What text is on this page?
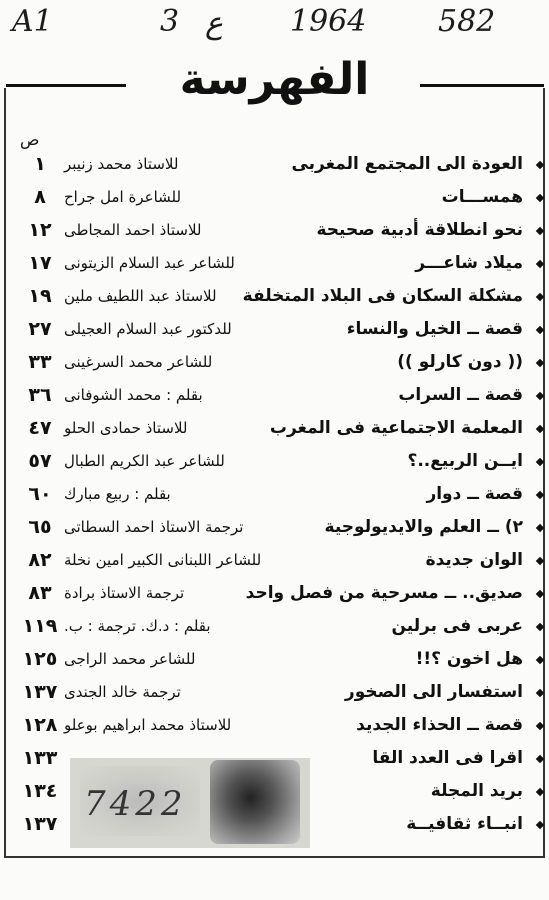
A1	3 ع 1964 582
الفهرسة
ص
العودة الى المجتمع المغربى
للاستاذ محمد زنيبر
١
همســـات
للشاعرة امل جراح
٨
نحو انطلاقة أدبية صحيحة
للاستاذ احمد المجاطى
١٢
ميلاد شاعـــر
للشاعر عبد السلام الزيتونى
١٧
مشكلة السكان فى البلاد المتخلفة
للاستاذ عبد اللطيف ملين
١٩
قصة ــ الخيل والنساء
للدكتور عبد السلام العجيلى
٢٧
(( دون كارلو ))
للشاعر محمد السرغينى
٣٣
قصة ــ السراب
بقلم : محمد الشوفانى
٣٦
المعلمة الاجتماعية فى المغرب
للاستاذ حمادى الحلو
٤٧
ايــن الربيع..؟
للشاعر عبد الكريم الطبال
٥٧
قصة ــ دوار
بقلم : ربيع مبارك
٦٠
٢) ــ العلم والايديولوجية
ترجمة الاستاذ احمد السطاتى
٦٥
الوان جديدة
للشاعر اللبنانى الكبير امين نخلة
٨٢
صديق.. ــ مسرحية من فصل واحد
ترجمة الاستاذ برادة
٨٣
عربى فى برلين
بقلم : د.ك. ترجمة : ب.
١١٩
هل اخون ؟!!
للشاعر محمد الراجى
١٢٥
استفسار الى الصخور
ترجمة خالد الجندى
١٣٧
قصة ــ الحذاء الجديد
للاستاذ محمد ابراهيم بوعلو
١٢٨
اقرا فى العدد القا
١٣٣
بريد المجلة
١٣٤
انبــاء ثقافيــة
١٣٧ 7422
